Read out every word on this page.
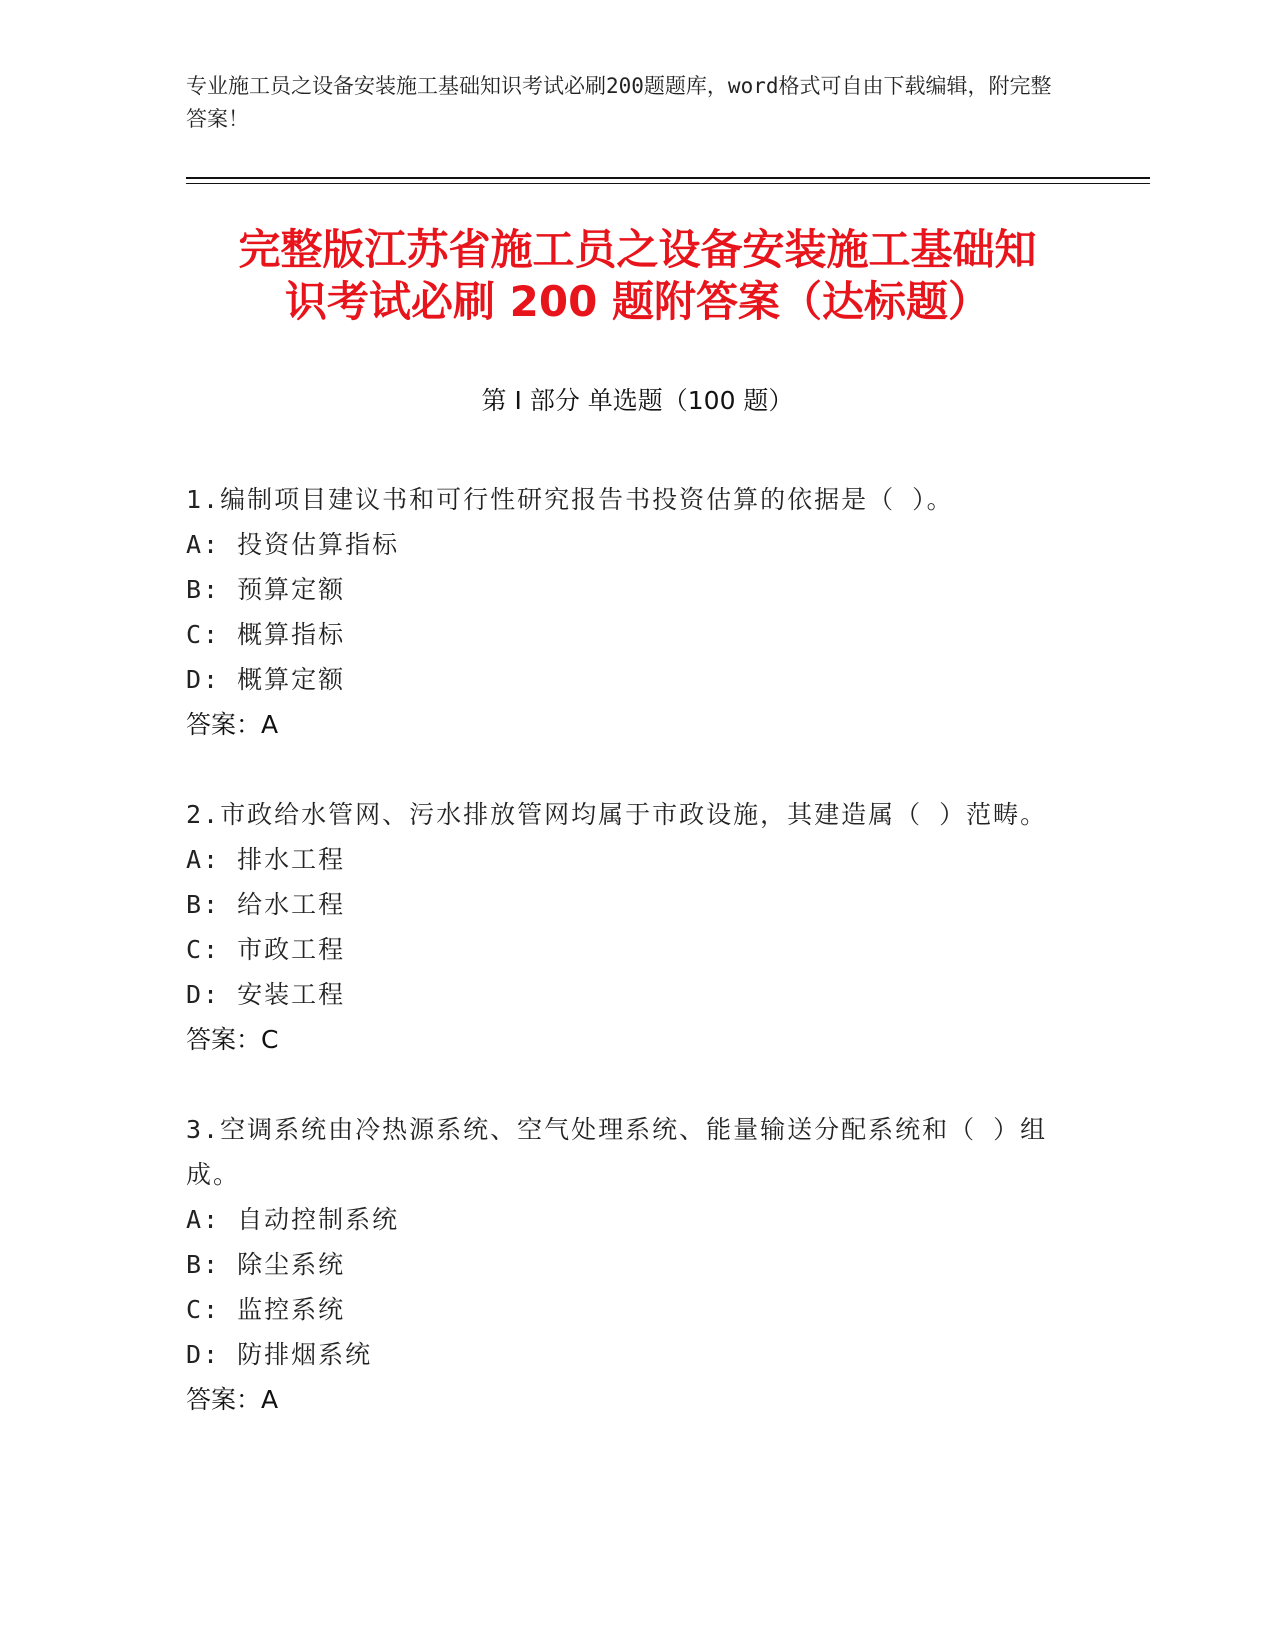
专业施工员之设备安装施工基础知识考试必刷200题题库，word格式可自由下载编辑，附完整答案！
完整版江苏省施工员之设备安装施工基础知
识考试必刷 200 题附答案（达标题）
第 I 部分 单选题（100 题）
1.编制项目建议书和可行性研究报告书投资估算的依据是（ ）。
A: 投资估算指标
B: 预算定额
C: 概算指标
D: 概算定额
答案：A
2.市政给水管网、污水排放管网均属于市政设施，其建造属（ ）范畴。
A: 排水工程
B: 给水工程
C: 市政工程
D: 安装工程
答案：C
3.空调系统由冷热源系统、空气处理系统、能量输送分配系统和（ ）组成。
A: 自动控制系统
B: 除尘系统
C: 监控系统
D: 防排烟系统
答案：A
